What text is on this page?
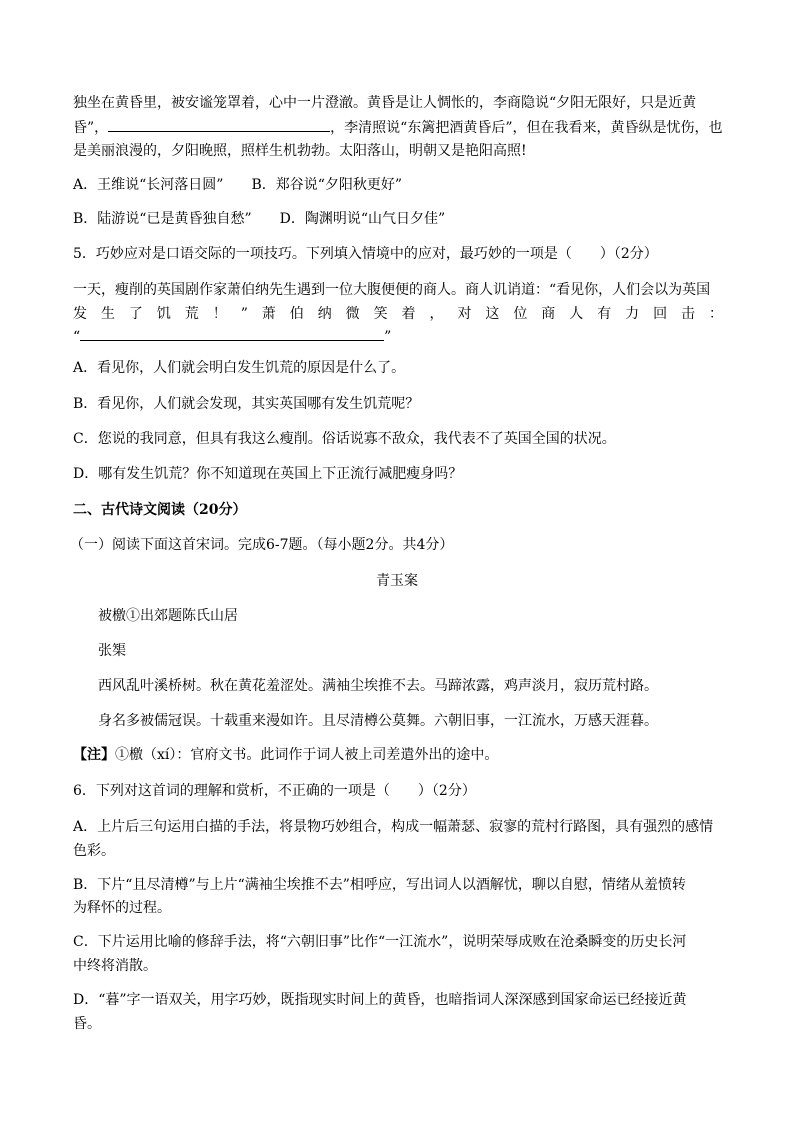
独坐在黄昏里，被安谧笼罩着，心中一片澄澈。黄昏是让人惆怅的，李商隐说“夕阳无限好，只是近黄
昏”，	，李清照说“东篱把酒黄昏后”，但在我看来，黄昏纵是忧伤，也
是美丽浪漫的，夕阳晚照，照样生机勃勃。太阳落山，明朝又是艳阳高照!
A．王维说“长河落日圆” B．郑谷说“夕阳秋更好”
B．陆游说“已是黄昏独自愁” D．陶渊明说“山气日夕佳”
5．巧妙应对是口语交际的一项技巧。下列填入情境中的应对，最巧妙的一项是（　　）（2分）
一天，瘦削的英国剧作家萧伯纳先生遇到一位大腹便便的商人。商人讥诮道：“看见你，人们会以为英国
发生了饥荒！”萧伯纳微笑着，对这位商人有力回击：
“	”
A．看见你，人们就会明白发生饥荒的原因是什么了。
B．看见你，人们就会发现，其实英国哪有发生饥荒呢？
C．您说的我同意，但具有我这么瘦削。俗话说寡不敌众，我代表不了英国全国的状况。
D．哪有发生饥荒？你不知道现在英国上下正流行减肥瘦身吗？
二、古代诗文阅读（20分）
（一）阅读下面这首宋词。完成6-7题。（每小题2分。共4分）
青玉案
被檄①出郊题陈氏山居
张榘
西风乱叶溪桥树。秋在黄花羞涩处。满袖尘埃推不去。马蹄浓露，鸡声淡月，寂历荒村路。
身名多被儒冠误。十载重来漫如许。且尽清樽公莫舞。六朝旧事，一江流水，万感天涯暮。
【注】①檄（xí）：官府文书。此词作于词人被上司差遣外出的途中。
6．下列对这首词的理解和赏析，不正确的一项是（　　）（2分）
A．上片后三句运用白描的手法，将景物巧妙组合，构成一幅萧瑟、寂寥的荒村行路图，具有强烈的感情
色彩。
B．下片“且尽清樽”与上片“满袖尘埃推不去”相呼应，写出词人以酒解忧，聊以自慰，情绪从羞愤转
为释怀的过程。
C．下片运用比喻的修辞手法，将“六朝旧事”比作“一江流水”，说明荣辱成败在沧桑瞬变的历史长河
中终将消散。
D．“暮”字一语双关，用字巧妙，既指现实时间上的黄昏，也暗指词人深深感到国家命运已经接近黄
昏。
